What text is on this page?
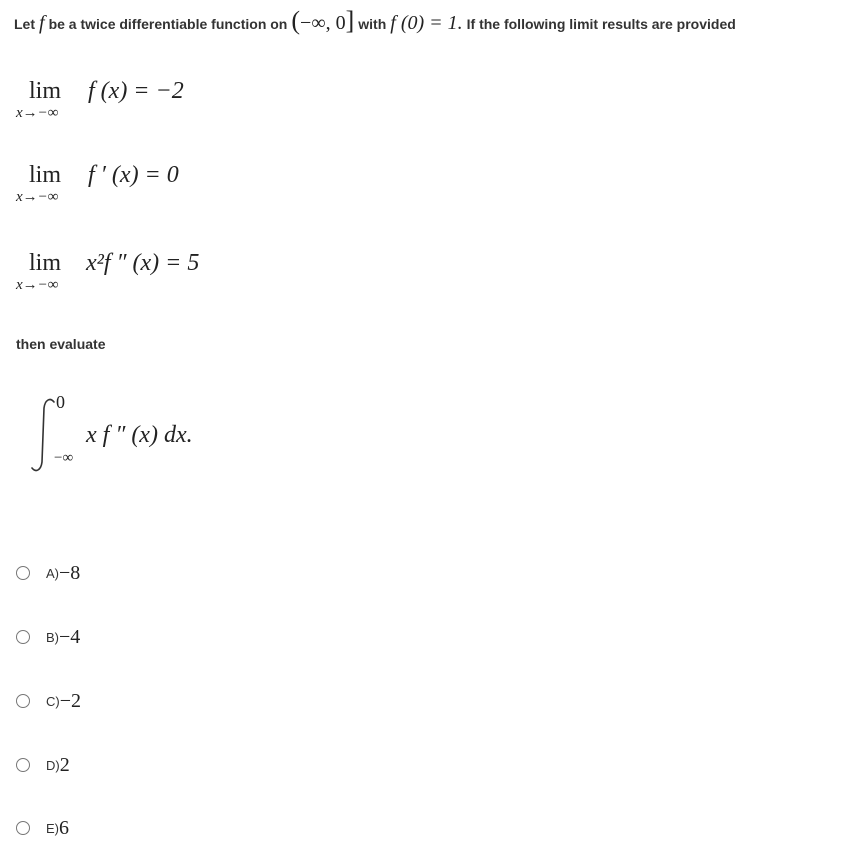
Let f be a twice differentiable function on (−∞, 0] with f (0) = 1. If the following limit results are provided
lim
x→−∞
f (x) = −2
lim
x→−∞
f ′ (x) = 0
lim
x→−∞
x²f ″ (x) = 5
then evaluate
0
−∞
x f ″ (x) dx.
A) −8
B) −4
C) −2
D) 2
E) 6
